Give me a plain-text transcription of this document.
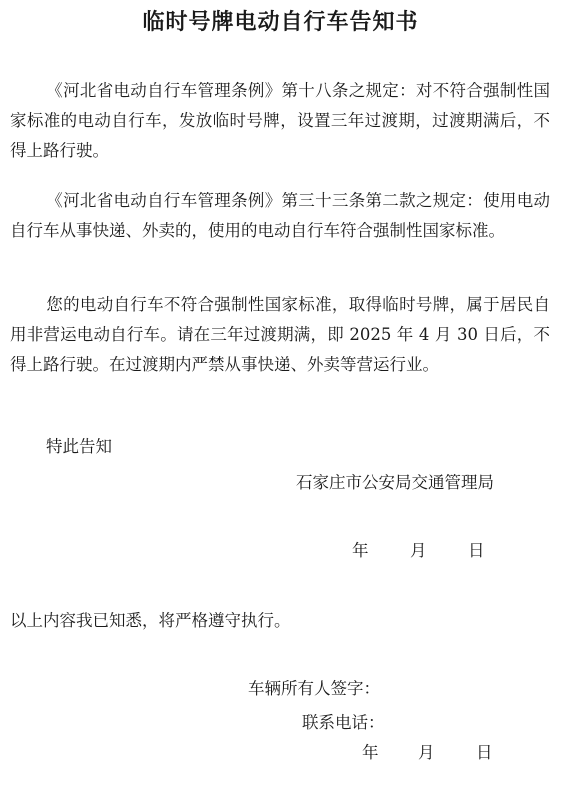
临时号牌电动自行车告知书

《河北省电动自行车管理条例》第十八条之规定：对不符合强制性国家标准的电动自行车，发放临时号牌，设置三年过渡期，过渡期满后，不得上路行驶。

《河北省电动自行车管理条例》第三十三条第二款之规定：使用电动自行车从事快递、外卖的，使用的电动自行车符合强制性国家标准。

您的电动自行车不符合强制性国家标准，取得临时号牌，属于居民自用非营运电动自行车。请在三年过渡期满，即 2025 年 4 月 30 日后，不得上路行驶。在过渡期内严禁从事快递、外卖等营运行业。

特此告知
石家庄市公安局交通管理局
年	月	日
以上内容我已知悉，将严格遵守执行。
车辆所有人签字：
联系电话：
年 月	日
